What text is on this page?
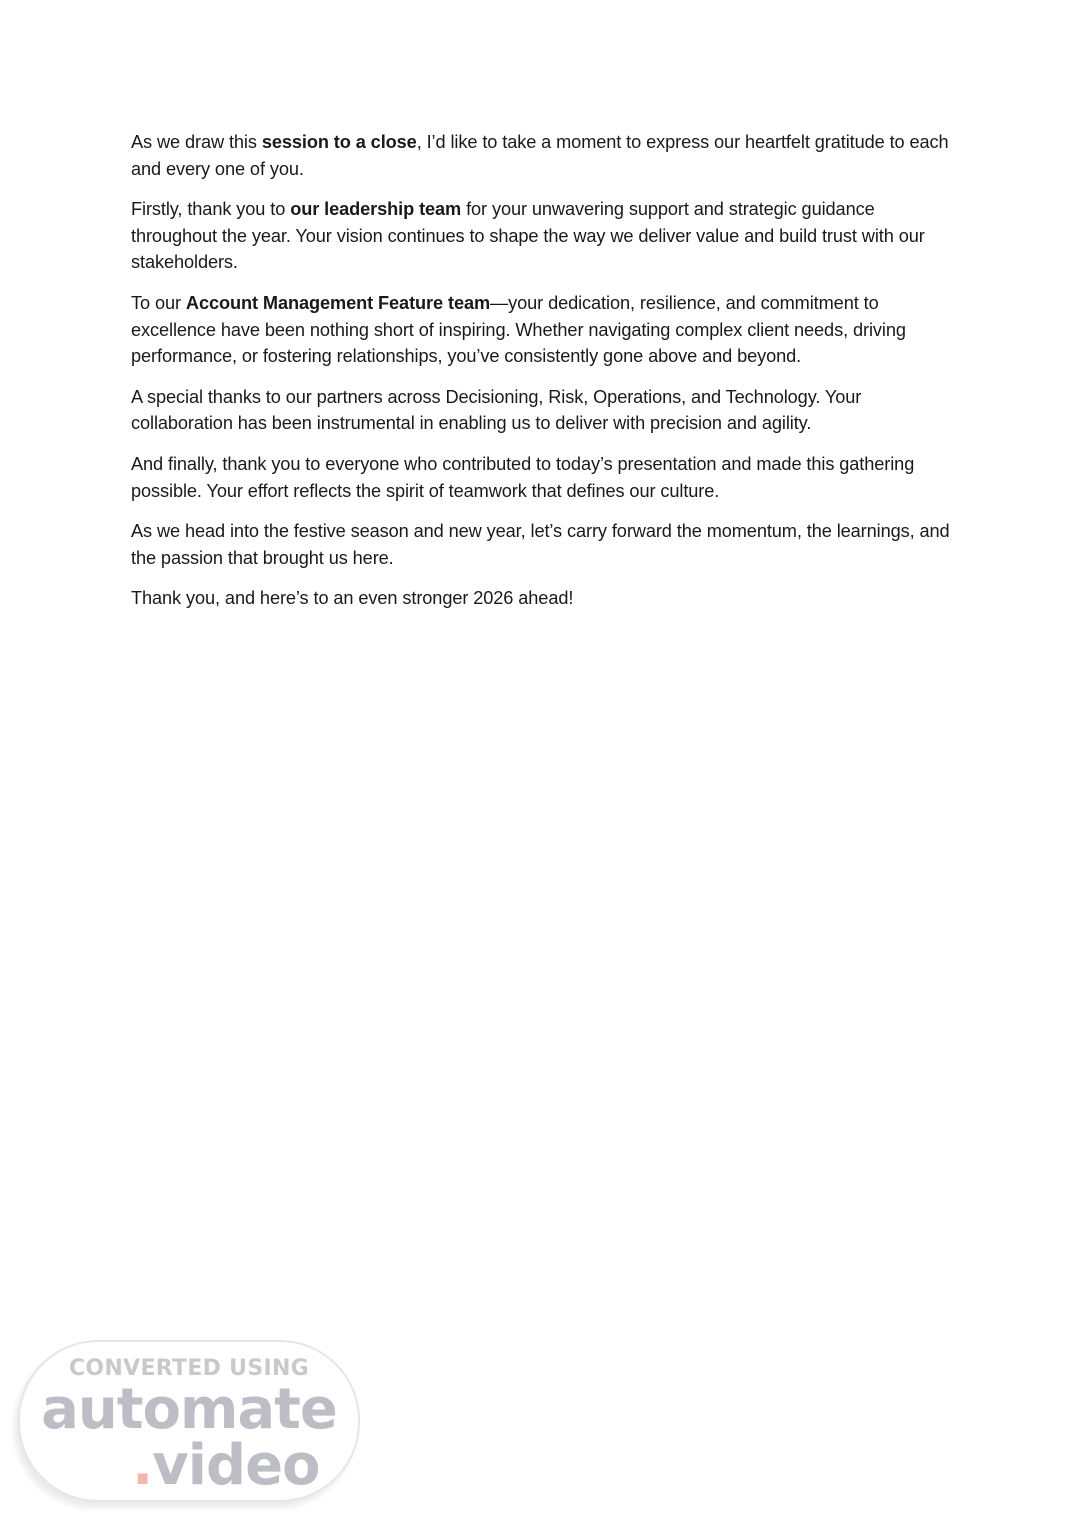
As we draw this session to a close, I’d like to take a moment to express our heartfelt gratitude to each and every one of you.

Firstly, thank you to our leadership team for your unwavering support and strategic guidance throughout the year. Your vision continues to shape the way we deliver value and build trust with our stakeholders.

To our Account Management Feature team—your dedication, resilience, and commitment to excellence have been nothing short of inspiring. Whether navigating complex client needs, driving performance, or fostering relationships, you’ve consistently gone above and beyond.

A special thanks to our partners across Decisioning, Risk, Operations, and Technology. Your collaboration has been instrumental in enabling us to deliver with precision and agility.

And finally, thank you to everyone who contributed to today’s presentation and made this gathering possible. Your effort reflects the spirit of teamwork that defines our culture.

As we head into the festive season and new year, let’s carry forward the momentum, the learnings, and the passion that brought us here.

Thank you, and here’s to an even stronger 2026 ahead!

CONVERTED USING
automate
.video
